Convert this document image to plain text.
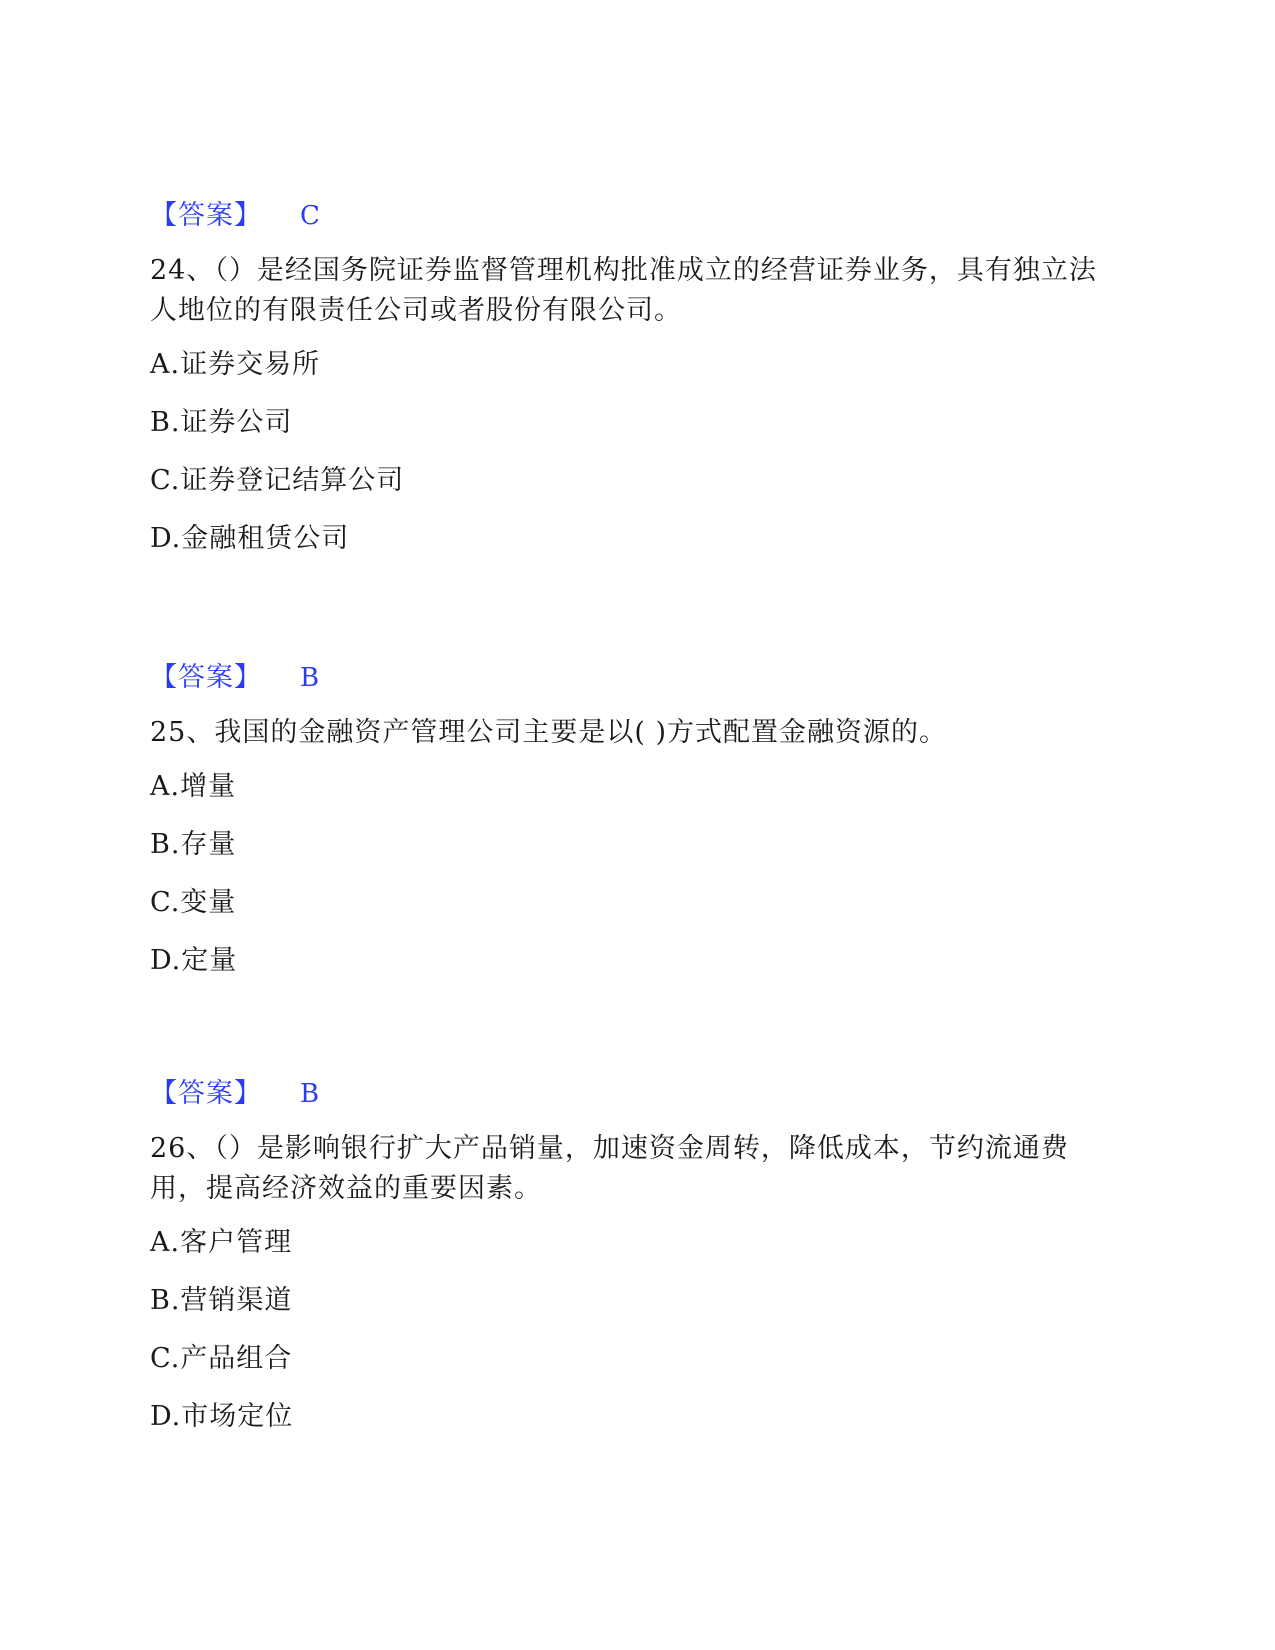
【答案】 C
24、（）是经国务院证券监督管理机构批准成立的经营证券业务，具有独立法人地位的有限责任公司或者股份有限公司。
A.证券交易所
B.证券公司
C.证券登记结算公司
D.金融租赁公司
【答案】 B
25、我国的金融资产管理公司主要是以( )方式配置金融资源的。
A.增量
B.存量
C.变量
D.定量
【答案】 B
26、（）是影响银行扩大产品销量，加速资金周转，降低成本，节约流通费用，提高经济效益的重要因素。
A.客户管理
B.营销渠道
C.产品组合
D.市场定位
